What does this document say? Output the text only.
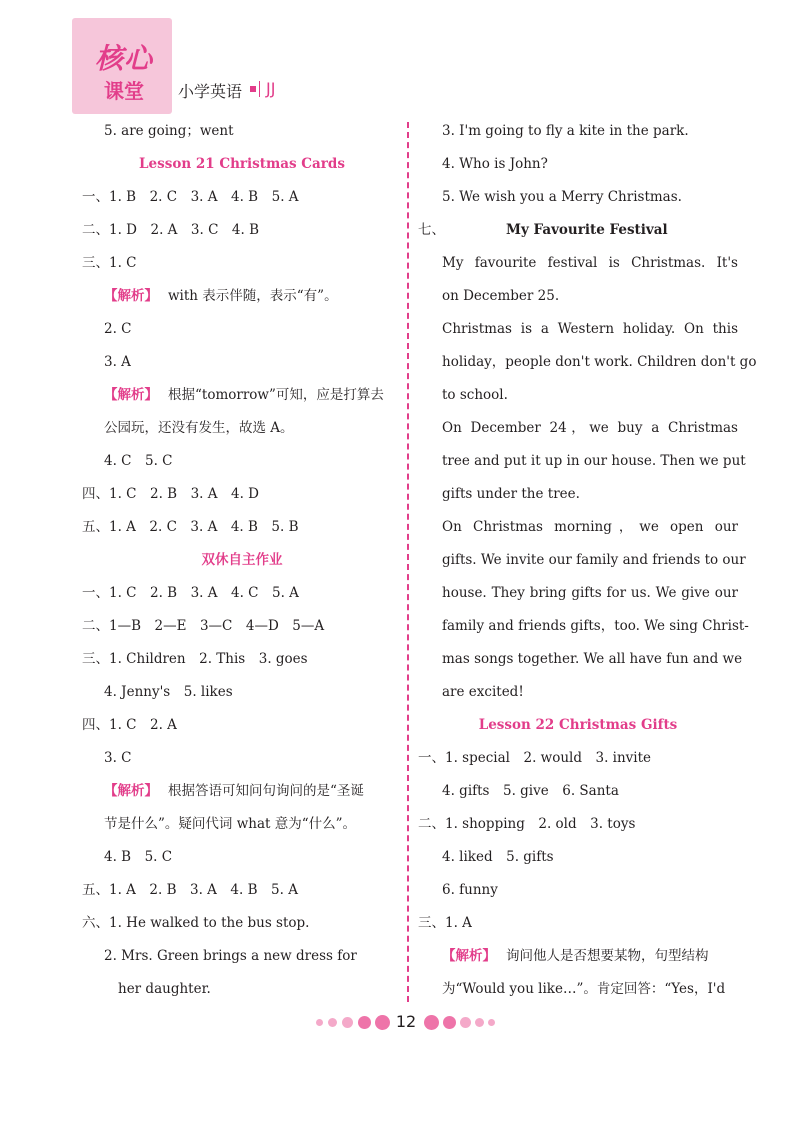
核心
课堂	小学英语 JJ
5. are going；went
Lesson 21 Christmas Cards
一、1. B　2. C　3. A　4. B　5. A
二、1. D　2. A　3. C　4. B
三、1. C
【解析】 with 表示伴随，表示“有”。
2. C
3. A
【解析】 根据“tomorrow”可知，应是打算去
公园玩，还没有发生，故选 A。
4. C　5. C
四、1. C　2. B　3. A　4. D
五、1. A　2. C　3. A　4. B　5. B
双休自主作业
一、1. C　2. B　3. A　4. C　5. A
二、1—B　2—E　3—C　4—D　5—A
三、1. Children　2. This　3. goes
4. Jenny's　5. likes
四、1. C　2. A
3. C
【解析】 根据答语可知问句询问的是“圣诞
节是什么”。疑问代词 what 意为“什么”。
4. B　5. C
五、1. A　2. B　3. A　4. B　5. A
六、1. He walked to the bus stop.
2. Mrs. Green brings a new dress for
her daughter.
3. I'm going to fly a kite in the park.
4. Who is John?
5. We wish you a Merry Christmas.
七、	My Favourite Festival
My favourite festival is Christmas. It's
on December 25.
Christmas is a Western holiday. On this
holiday，people don't work. Children don't go
to school.
On December 24，we buy a Christmas
tree and put it up in our house. Then we put
gifts under the tree.
On Christmas morning，we open our
gifts. We invite our family and friends to our
house. They bring gifts for us. We give our
family and friends gifts，too. We sing Christ-
mas songs together. We all have fun and we
are excited!
Lesson 22 Christmas Gifts
一、1. special　2. would　3. invite
4. gifts　5. give　6. Santa
二、1. shopping　2. old　3. toys
4. liked　5. gifts
6. funny
三、1. A
【解析】 询问他人是否想要某物，句型结构
为“Would you like…”。肯定回答：“Yes，I'd
12
